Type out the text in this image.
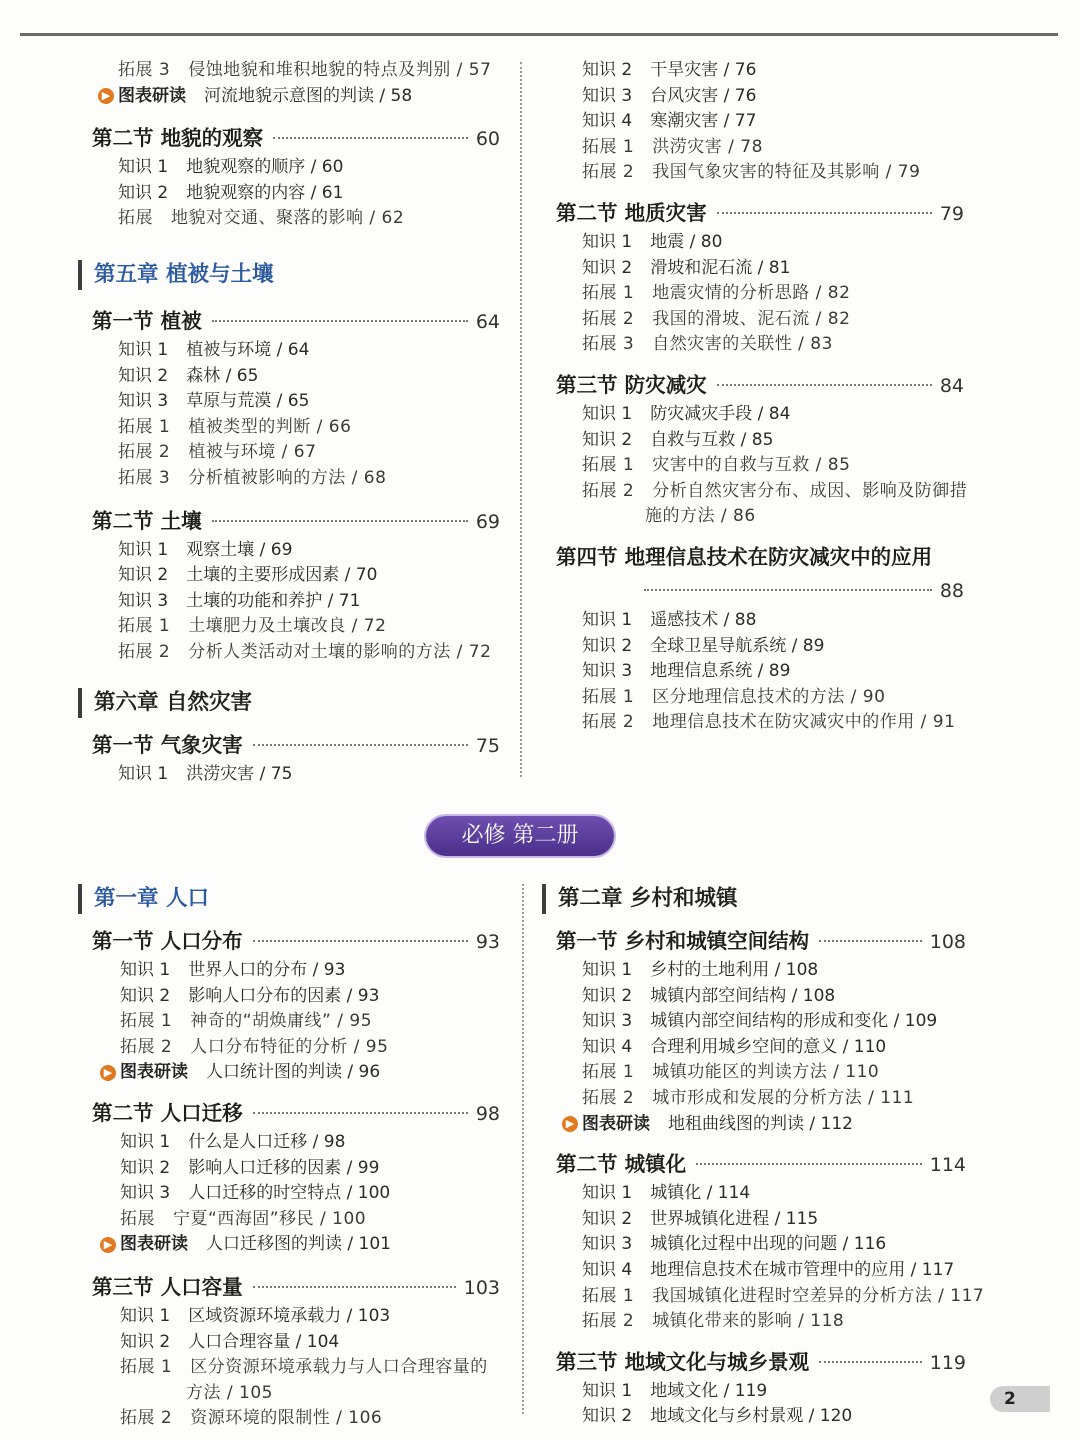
拓展 3 侵蚀地貌和堆积地貌的特点及判别 / 57
▶ 图表研读 河流地貌示意图的判读 / 58
第二节 地貌的观察	60
知识 1 地貌观察的顺序 / 60
知识 2 地貌观察的内容 / 61
拓展 地貌对交通、聚落的影响 / 62
第五章 植被与土壤
第一节 植被	64
知识 1 植被与环境 / 64
知识 2 森林 / 65
知识 3 草原与荒漠 / 65
拓展 1 植被类型的判断 / 66
拓展 2 植被与环境 / 67
拓展 3 分析植被影响的方法 / 68
第二节 土壤	69
知识 1 观察土壤 / 69
知识 2 土壤的主要形成因素 / 70
知识 3 土壤的功能和养护 / 71
拓展 1 土壤肥力及土壤改良 / 72
拓展 2 分析人类活动对土壤的影响的方法 / 72
第六章 自然灾害
第一节 气象灾害	75
知识 1 洪涝灾害 / 75
知识 2 干旱灾害 / 76
知识 3 台风灾害 / 76
知识 4 寒潮灾害 / 77
拓展 1 洪涝灾害 / 78
拓展 2 我国气象灾害的特征及其影响 / 79
第二节 地质灾害	79
知识 1 地震 / 80
知识 2 滑坡和泥石流 / 81
拓展 1 地震灾情的分析思路 / 82
拓展 2 我国的滑坡、泥石流 / 82
拓展 3 自然灾害的关联性 / 83
第三节 防灾减灾	84
知识 1 防灾减灾手段 / 84
知识 2 自救与互救 / 85
拓展 1 灾害中的自救与互救 / 85
拓展 2 分析自然灾害分布、成因、影响及防御措
施的方法 / 86
第四节 地理信息技术在防灾减灾中的应用
88
知识 1 遥感技术 / 88
知识 2 全球卫星导航系统 / 89
知识 3 地理信息系统 / 89
拓展 1 区分地理信息技术的方法 / 90
拓展 2 地理信息技术在防灾减灾中的作用 / 91
必修 第二册
第一章 人口
第一节 人口分布	93
知识 1 世界人口的分布 / 93
知识 2 影响人口分布的因素 / 93
拓展 1 神奇的“胡焕庸线” / 95
拓展 2 人口分布特征的分析 / 95
▶ 图表研读 人口统计图的判读 / 96
第二节 人口迁移	98
知识 1 什么是人口迁移 / 98
知识 2 影响人口迁移的因素 / 99
知识 3 人口迁移的时空特点 / 100
拓展 宁夏“西海固”移民 / 100
▶ 图表研读 人口迁移图的判读 / 101
第三节 人口容量	103
知识 1 区域资源环境承载力 / 103
知识 2 人口合理容量 / 104
拓展 1 区分资源环境承载力与人口合理容量的
方法 / 105
拓展 2 资源环境的限制性 / 106
第二章 乡村和城镇
第一节 乡村和城镇空间结构	108
知识 1 乡村的土地利用 / 108
知识 2 城镇内部空间结构 / 108
知识 3 城镇内部空间结构的形成和变化 / 109
知识 4 合理利用城乡空间的意义 / 110
拓展 1 城镇功能区的判读方法 / 110
拓展 2 城市形成和发展的分析方法 / 111
▶ 图表研读 地租曲线图的判读 / 112
第二节 城镇化	114
知识 1 城镇化 / 114
知识 2 世界城镇化进程 / 115
知识 3 城镇化过程中出现的问题 / 116
知识 4 地理信息技术在城市管理中的应用 / 117
拓展 1 我国城镇化进程时空差异的分析方法 / 117
拓展 2 城镇化带来的影响 / 118
第三节 地域文化与城乡景观	119
知识 1 地域文化 / 119
知识 2 地域文化与乡村景观 / 120
2
